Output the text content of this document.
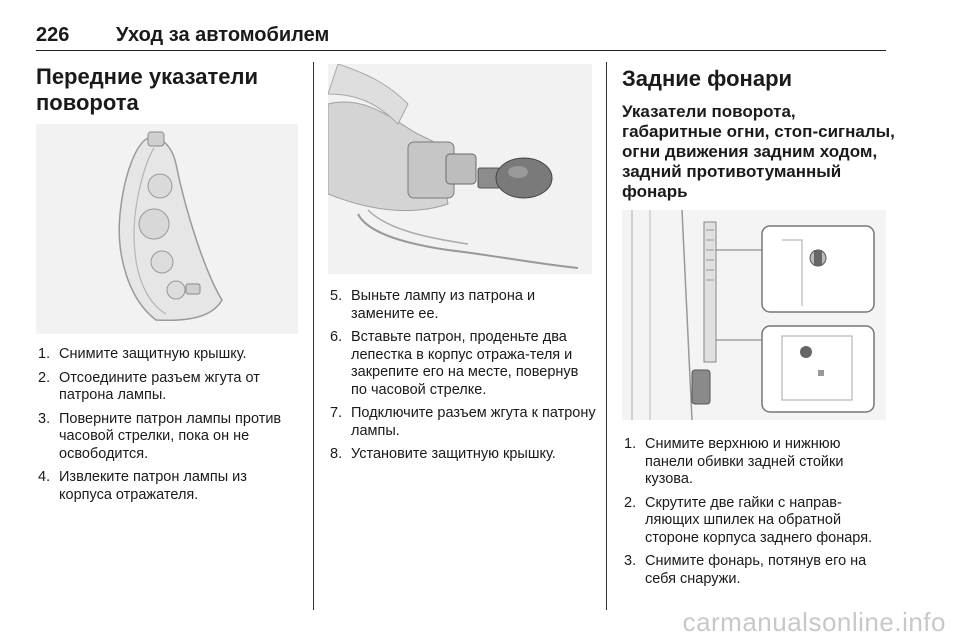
226 Уход за автомобилем
Передние указатели
поворота
1. Снимите защитную крышку.
2. Отсоедините разъем жгута от патрона лампы.
3. Поверните патрон лампы против часовой стрелки, пока он не освободится.
4. Извлеките патрон лампы из корпуса отражателя.
5. Выньте лампу из патрона и замените ее.
6. Вставьте патрон, проденьте два лепестка в корпус отража-теля и закрепите его на месте, повернув по часовой стрелке.
7. Подключите разъем жгута к патрону лампы.
8. Установите защитную крышку.
Задние фонари
Указатели поворота,
габаритные огни, стоп-сигналы,
огни движения задним ходом,
задний противотуманный
фонарь
1. Снимите верхнюю и нижнюю панели обивки задней стойки кузова.
2. Скрутите две гайки с направ-ляющих шпилек на обратной стороне корпуса заднего фонаря.
3. Снимите фонарь, потянув его на себя снаружи.
carmanualsonline.info
